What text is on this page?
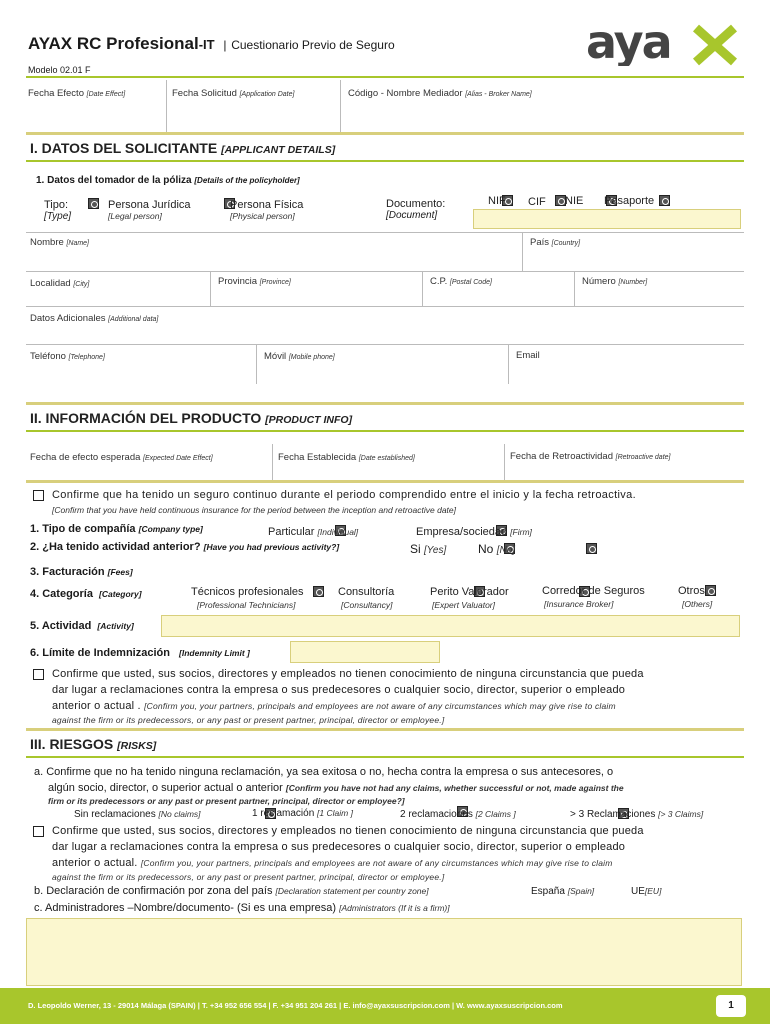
AYAX RC Profesional-IT | Cuestionario Previo de Seguro
Modelo 02.01 F
aya
Fecha Efecto [Date Effect]	Fecha Solicitud [Application Date]	Código - Nombre Mediador [Alias - Broker Name]
I. DATOS DEL SOLICITANTE [APPLICANT DETAILS]
1. Datos del tomador de la póliza [Details of the policyholder]
Tipo:
[Type]

Persona Jurídica
[Legal person]

Persona Física
[Physical person]
Documento:
[Document]

NIF
CIF
NIE
Pasaporte
Nombre [Name]	País [Country]
Localidad [City]	Provincia [Province]	C.P. [Postal Code]	Número [Number]
Datos Adicionales [Additional data]
Teléfono [Telephone]	Móvil [Mobile phone]	Email
II. INFORMACIÓN DEL PRODUCTO [PRODUCT INFO]
Fecha de efecto esperada [Expected Date Effect]	Fecha Establecida [Date established]	Fecha de Retroactividad [Retroactive date]
Confirme que ha tenido un seguro continuo durante el periodo comprendido entre el inicio y la fecha retroactiva.
[Confirm that you have held continuous insurance for the period between the inception and retroactive date]
1. Tipo de compañía [Company type]
	Particular [Individual]
	Empresa/sociedad [Firm]
2. ¿Ha tenido actividad anterior? [Have you had previous activity?]
	Si [Yes]
	No [No]
3. Facturación [Fees]
4. Categoría [Category]
	Técnicos profesionales
[Professional Technicians]

Consultoría
[Consultancy]

Perito Valorador
[Expert Valuator]

Corredor de Seguros
[Insurance Broker]

Otros
[Others]
5. Actividad [Activity]
6. Límite de Indemnización [Indemnity Limit ]
Confirme que usted, sus socios, directores y empleados no tienen conocimiento de ninguna circunstancia que pueda
dar lugar a reclamaciones contra la empresa o sus predecesores o cualquier socio, director, superior o empleado
anterior o actual . [Confirm you, your partners, principals and employees are not aware of any circumstances which may give rise to claim
against the firm or its predecessors, or any past or present partner, principal, director or employee.]
III. RIESGOS [RISKS]
a. Confirme que no ha tenido ninguna reclamación, ya sea exitosa o no, hecha contra la empresa o sus antecesores, o
algún socio, director, o superior actual o anterior [Confirm you have not had any claims, whether successful or not, made against the
firm or its predecessors or any past or present partner, principal, director or employee?]

Sin reclamaciones [No claims]
	1 reclamación [1 Claim ]
	2 reclamaciones [2 Claims ]
	> 3 Reclamaciones [> 3 Claims]
Confirme que usted, sus socios, directores y empleados no tienen conocimiento de ninguna circunstancia que pueda
dar lugar a reclamaciones contra la empresa o sus predecesores o cualquier socio, director, superior o empleado
anterior o actual. [Confirm you, your partners, principals and employees are not aware of any circumstances which may give rise to claim
against the firm or its predecessors, or any past or present partner, principal, director or employee.]
b. Declaración de confirmación por zona del país [Declaration statement per country zone]
	España [Spain]	UE[EU]
c. Administradores –Nombre/documento- (Si es una empresa) [Administrators (If it is a firm)]
D. Leopoldo Werner, 13 - 29014 Málaga (SPAIN) | T. +34 952 656 554 | F. +34 951 204 261 | E. info@ayaxsuscripcion.com | W. www.ayaxsuscripcion.com	1
